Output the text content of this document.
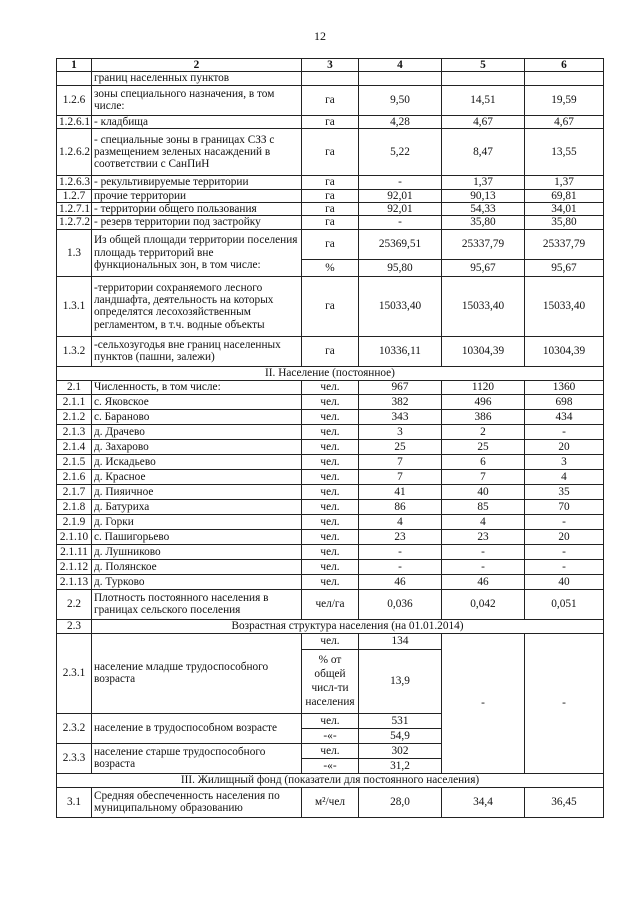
12
1	2	3	4	5	6
	границ населенных пунктов				
1.2.6	зоны специального назначения, в том числе:	га	9,50	14,51	19,59
1.2.6.1	- кладбища	га	4,28	4,67	4,67
1.2.6.2	- специальные зоны в границах СЗЗ с размещением зеленых насаждений в соответствии с СанПиН	га	5,22	8,47	13,55
1.2.6.3	- рекультивируемые территории	га	-	1,37	1,37
1.2.7	прочие территории	га	92,01	90,13	69,81
1.2.7.1	- территории общего пользования	га	92,01	54,33	34,01
1.2.7.2	- резерв территории под застройку	га	-	35,80	35,80
1.3	Из общей площади территории поселения площадь территорий вне функциональных зон, в том числе:	га	25369,51	25337,79	25337,79
		%	95,80	95,67	95,67
1.3.1	-территории сохраняемого лесного ландшафта, деятельность на которых определятся лесохозяйственным регламентом, в т.ч. водные объекты	га	15033,40	15033,40	15033,40
1.3.2	-сельхозугодья вне границ населенных пунктов (пашни, залежи)	га	10336,11	10304,39	10304,39
II. Население (постоянное)					
2.1	Численность, в том числе:	чел.	967	1120	1360
2.1.1	с. Яковское	чел.	382	496	698
2.1.2	с. Бараново	чел.	343	386	434
2.1.3	д. Драчево	чел.	3	2	-
2.1.4	д. Захарово	чел.	25	25	20
2.1.5	д. Искадьево	чел.	7	6	3
2.1.6	д. Красное	чел.	7	7	4
2.1.7	д. Пияичное	чел.	41	40	35
2.1.8	д. Батуриха	чел.	86	85	70
2.1.9	д. Горки	чел.	4	4	-
2.1.10	с. Пашигорьево	чел.	23	23	20
2.1.11	д. Лушниково	чел.	-	-	-
2.1.12	д. Полянское	чел.	-	-	-
2.1.13	д. Турково	чел.	46	46	40
2.2	Плотность постоянного населения в границах сельского поселения	чел/га	0,036	0,042	0,051
2.3	Возрастная структура населения (на 01.01.2014)				
2.3.1	население младше трудоспособного возраста	чел.	134	-	-
		% от общей числ-ти населения	13,9		
2.3.2	население в трудоспособном возрасте	чел.	531		
		-«-	54,9		
2.3.3	население старше трудоспособного возраста	чел.	302		
		-«-	31,2		
III. Жилищный фонд (показатели для постоянного населения)					
3.1	Средняя обеспеченность населения по муниципальному образованию	м²/чел	28,0	34,4	36,45
